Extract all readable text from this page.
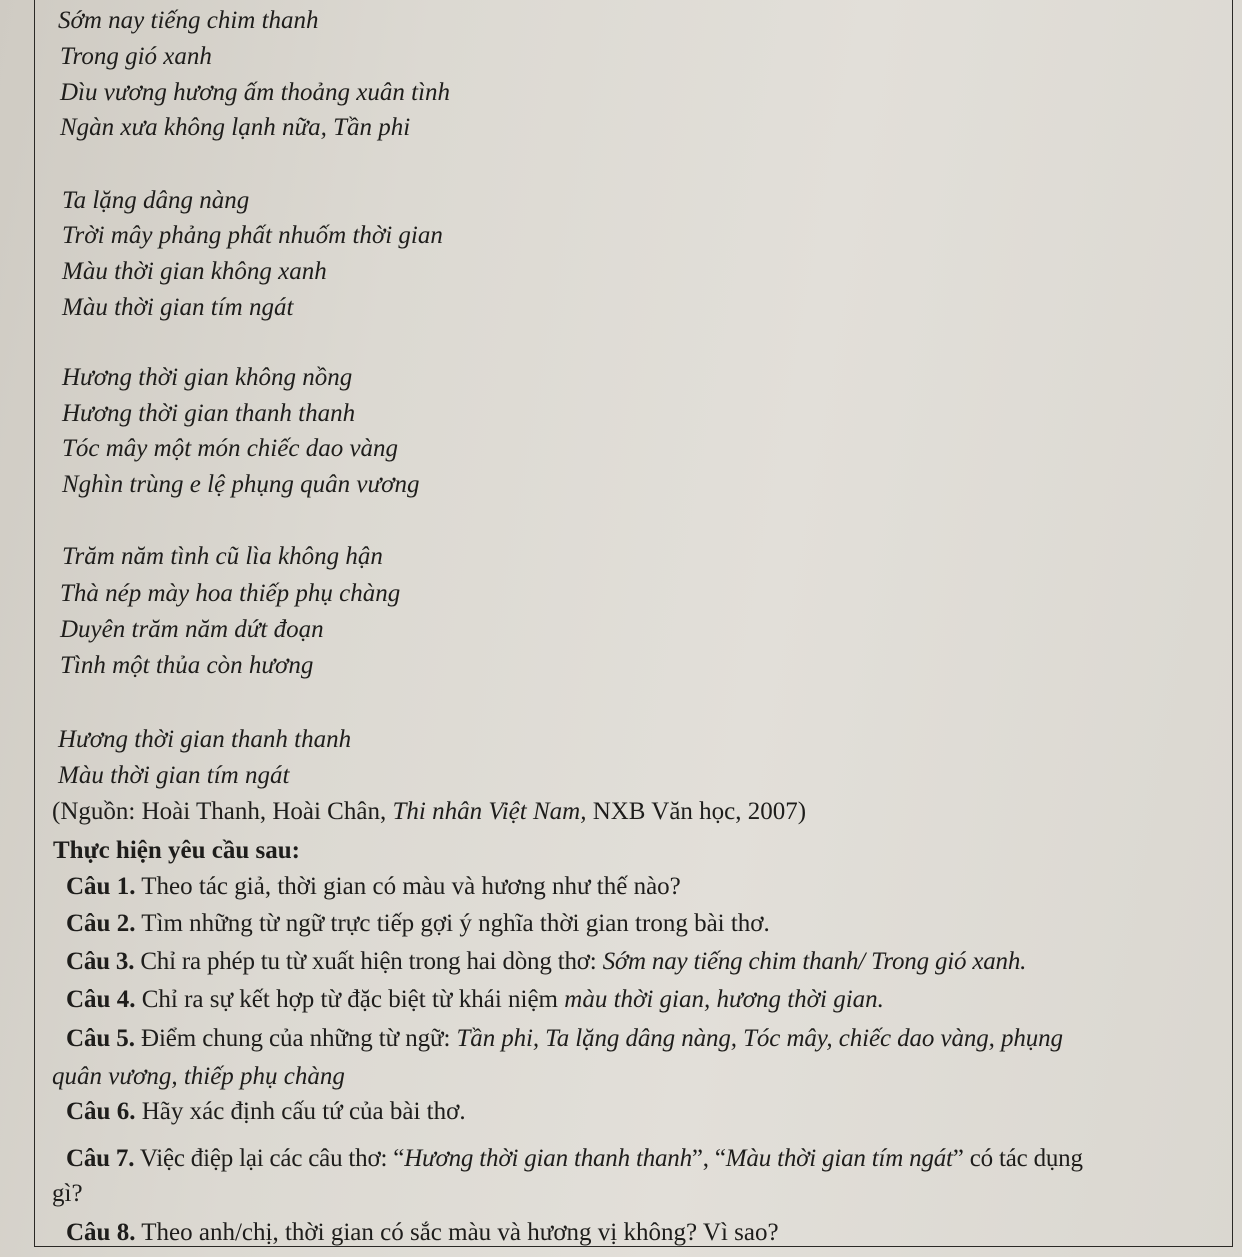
Sớm nay tiếng chim thanh
Trong gió xanh
Dìu vương hương ấm thoảng xuân tình
Ngàn xưa không lạnh nữa, Tần phi
Ta lặng dâng nàng
Trời mây phảng phất nhuốm thời gian
Màu thời gian không xanh
Màu thời gian tím ngát
Hương thời gian không nồng
Hương thời gian thanh thanh
Tóc mây một món chiếc dao vàng
Nghìn trùng e lệ phụng quân vương
Trăm năm tình cũ lìa không hận
Thà nép mày hoa thiếp phụ chàng
Duyên trăm năm dứt đoạn
Tình một thủa còn hương
Hương thời gian thanh thanh
Màu thời gian tím ngát
(Nguồn: Hoài Thanh, Hoài Chân, Thi nhân Việt Nam, NXB Văn học, 2007)
Thực hiện yêu cầu sau:
Câu 1. Theo tác giả, thời gian có màu và hương như thế nào?
Câu 2. Tìm những từ ngữ trực tiếp gợi ý nghĩa thời gian trong bài thơ.
Câu 3. Chỉ ra phép tu từ xuất hiện trong hai dòng thơ: Sớm nay tiếng chim thanh/ Trong gió xanh.
Câu 4. Chỉ ra sự kết hợp từ đặc biệt từ khái niệm màu thời gian, hương thời gian.
Câu 5. Điểm chung của những từ ngữ: Tần phi, Ta lặng dâng nàng, Tóc mây, chiếc dao vàng, phụng
quân vương, thiếp phụ chàng
Câu 6. Hãy xác định cấu tứ của bài thơ.
Câu 7. Việc điệp lại các câu thơ: “Hương thời gian thanh thanh”, “Màu thời gian tím ngát” có tác dụng
gì?
Câu 8. Theo anh/chị, thời gian có sắc màu và hương vị không? Vì sao?
